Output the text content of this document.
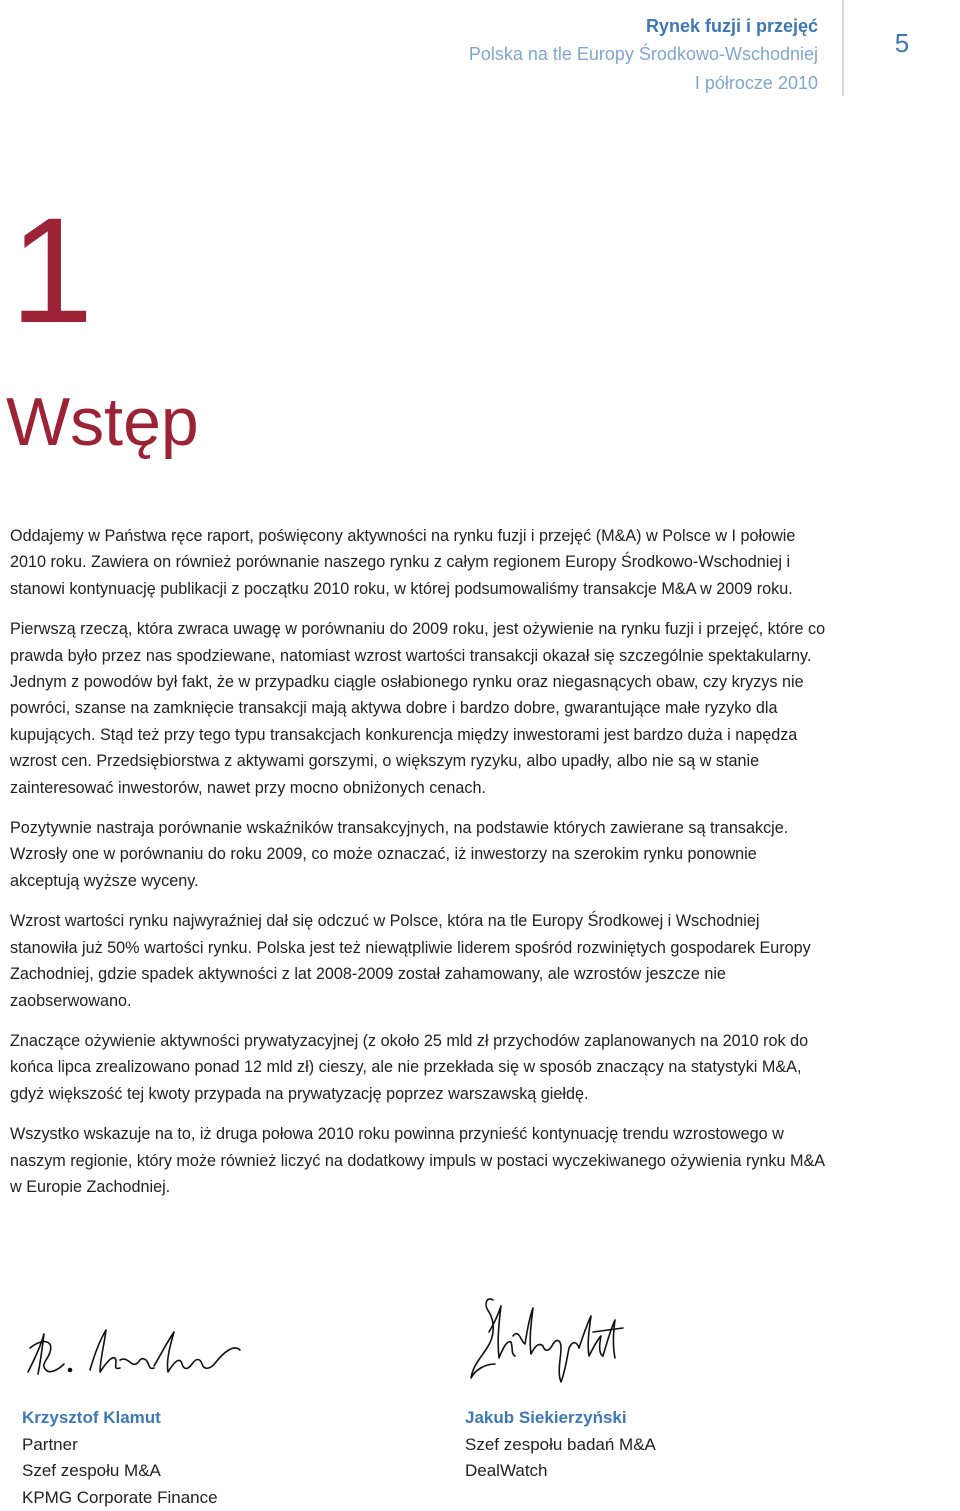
Rynek fuzji i przejęć
Polska na tle Europy Środkowo-Wschodniej
I półrocze 2010
5
1
Wstęp

Oddajemy w Państwa ręce raport, poświęcony aktywności na rynku fuzji i przejęć (M&A) w Polsce w I połowie 2010 roku. Zawiera on również porównanie naszego rynku z całym regionem Europy Środkowo-Wschodniej i stanowi kontynuację publikacji z początku 2010 roku, w której podsumowaliśmy transakcje M&A w 2009 roku.

Pierwszą rzeczą, która zwraca uwagę w porównaniu do 2009 roku, jest ożywienie na rynku fuzji i przejęć, które co prawda było przez nas spodziewane, natomiast wzrost wartości transakcji okazał się szczególnie spektakularny. Jednym z powodów był fakt, że w przypadku ciągle osłabionego rynku oraz niegasnących obaw, czy kryzys nie powróci, szanse na zamknięcie transakcji mają aktywa dobre i bardzo dobre, gwarantujące małe ryzyko dla kupujących. Stąd też przy tego typu transakcjach konkurencja między inwestorami jest bardzo duża i napędza wzrost cen. Przedsiębiorstwa z aktywami gorszymi, o większym ryzyku, albo upadły, albo nie są w stanie zainteresować inwestorów, nawet przy mocno obniżonych cenach.

Pozytywnie nastraja porównanie wskaźników transakcyjnych, na podstawie których zawierane są transakcje. Wzrosły one w porównaniu do roku 2009, co może oznaczać, iż inwestorzy na szerokim rynku ponownie akceptują wyższe wyceny.

Wzrost wartości rynku najwyraźniej dał się odczuć w Polsce, która na tle Europy Środkowej i Wschodniej stanowiła już 50% wartości rynku. Polska jest też niewątpliwie liderem spośród rozwiniętych gospodarek Europy Zachodniej, gdzie spadek aktywności z lat 2008-2009 został zahamowany, ale wzrostów jeszcze nie zaobserwowano.

Znaczące ożywienie aktywności prywatyzacyjnej (z około 25 mld zł przychodów zaplanowanych na 2010 rok do końca lipca zrealizowano ponad 12 mld zł) cieszy, ale nie przekłada się w sposób znaczący na statystyki M&A, gdyż większość tej kwoty przypada na prywatyzację poprzez warszawską giełdę.

Wszystko wskazuje na to, iż druga połowa 2010 roku powinna przynieść kontynuację trendu wzrostowego w naszym regionie, który może również liczyć na dodatkowy impuls w postaci wyczekiwanego ożywienia rynku M&A w Europie Zachodniej.

Krzysztof Klamut
Partner
Szef zespołu M&A
KPMG Corporate Finance
Jakub Siekierzyński
Szef zespołu badań M&A
DealWatch
